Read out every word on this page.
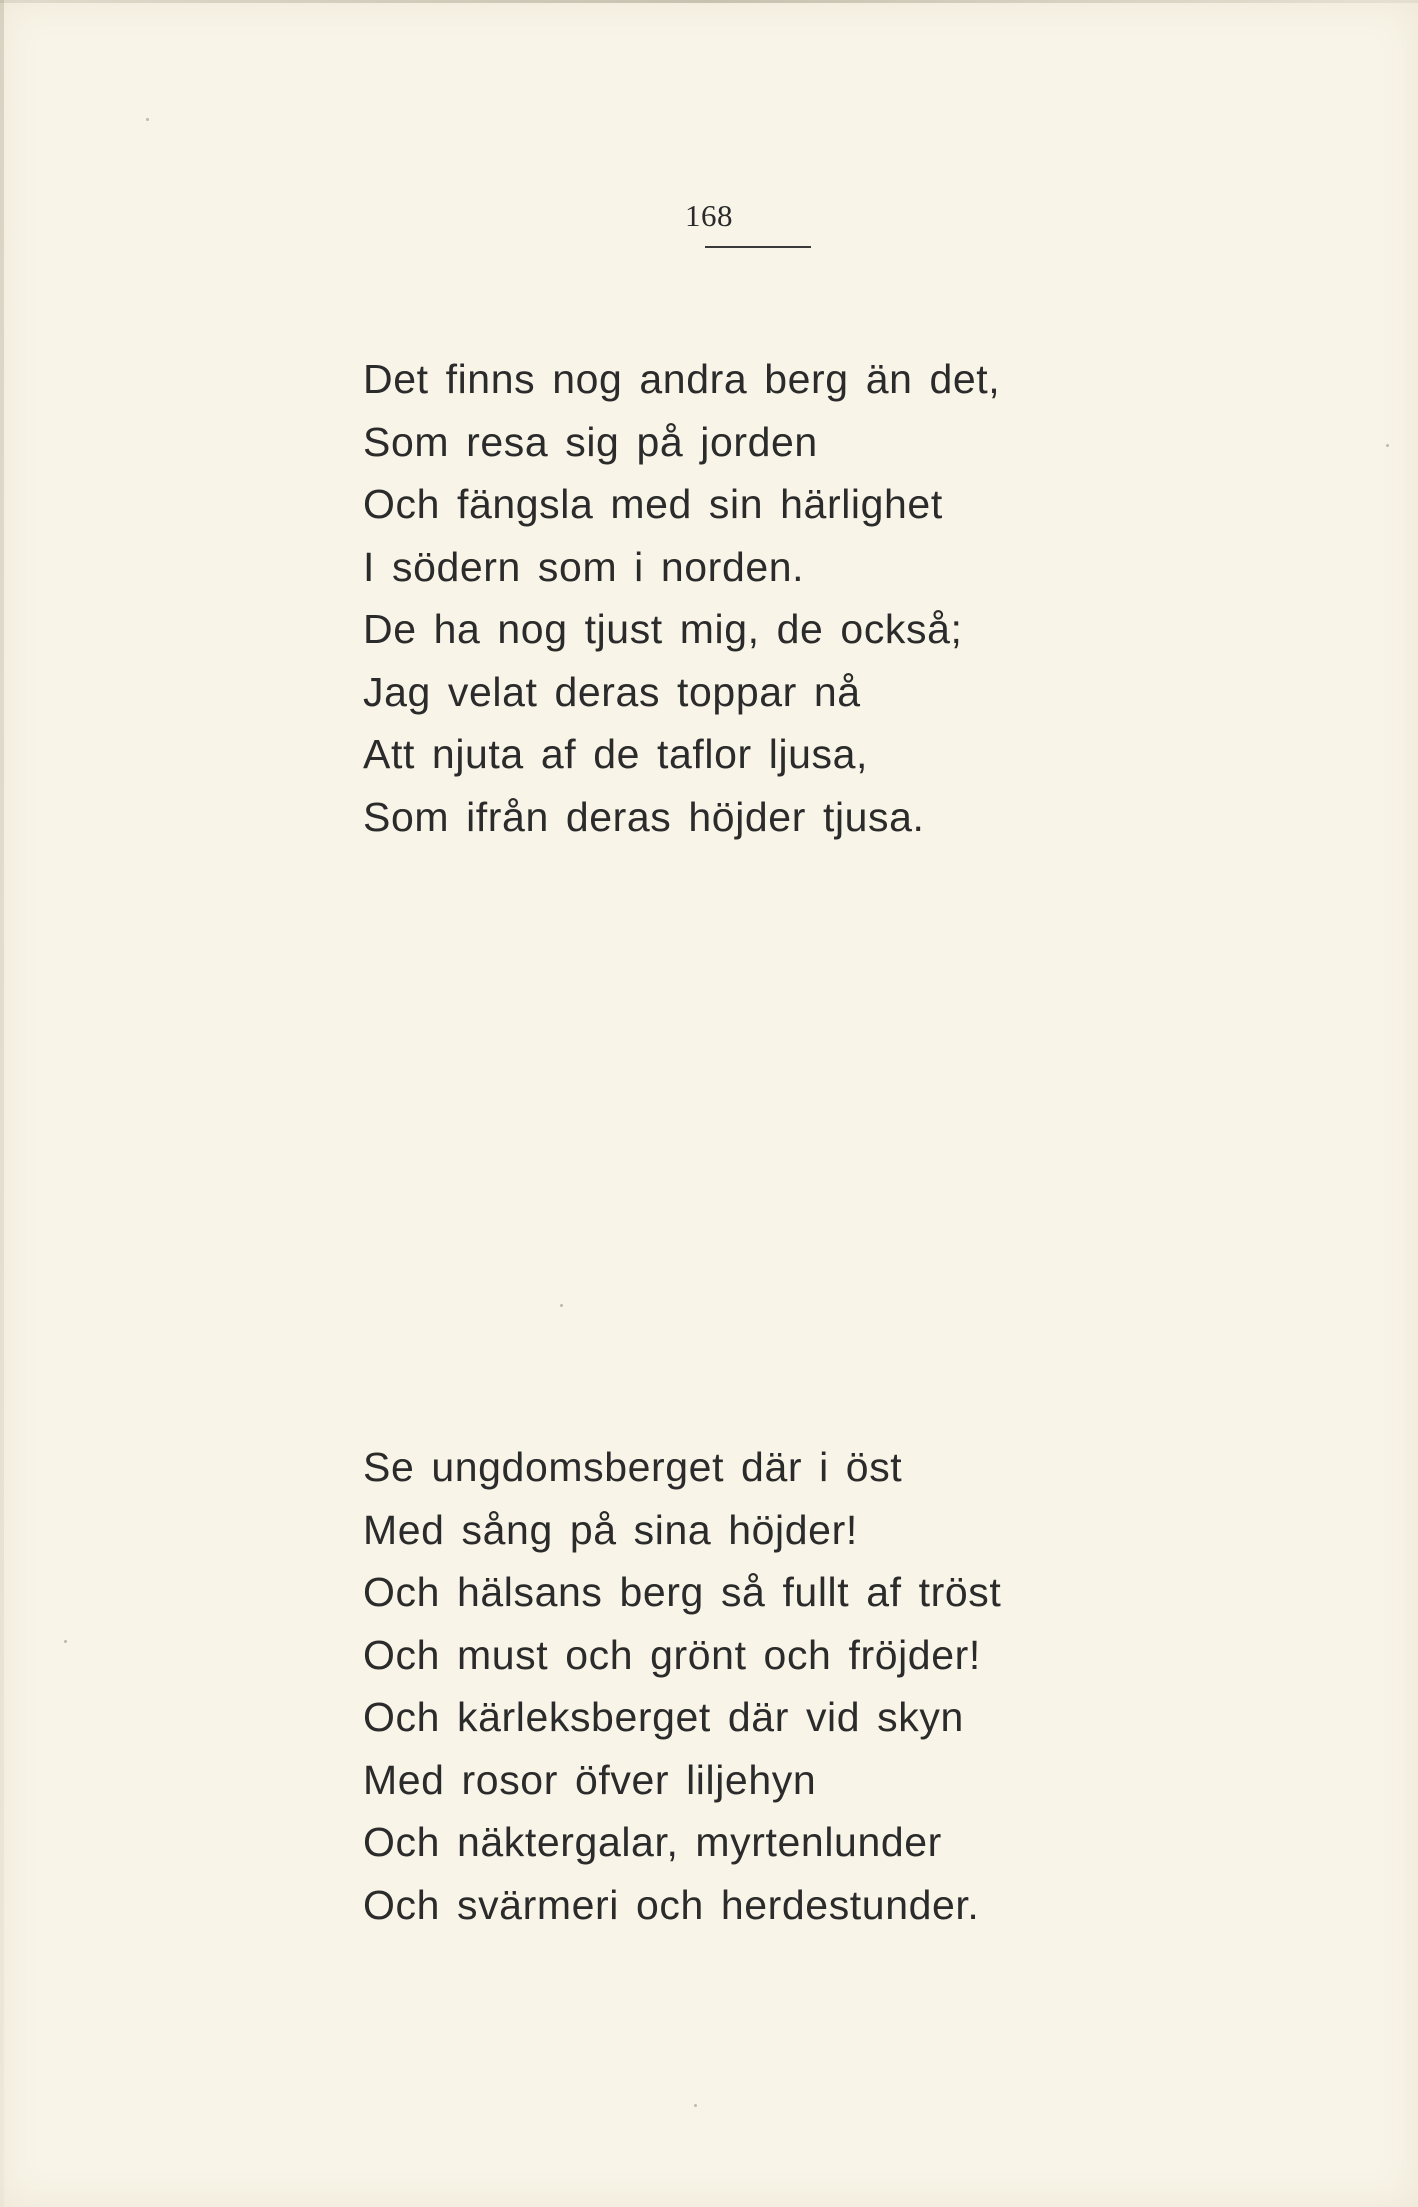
168
Det finns nog andra berg än det,
Som resa sig på jorden
Och fängsla med sin härlighet
I södern som i norden.
De ha nog tjust mig, de också;
Jag velat deras toppar nå
Att njuta af de taflor ljusa,
Som ifrån deras höjder tjusa.
Se ungdomsberget där i öst
Med sång på sina höjder!
Och hälsans berg så fullt af tröst
Och must och grönt och fröjder!
Och kärleksberget där vid skyn
Med rosor öfver liljehyn
Och näktergalar, myrtenlunder
Och svärmeri och herdestunder.
